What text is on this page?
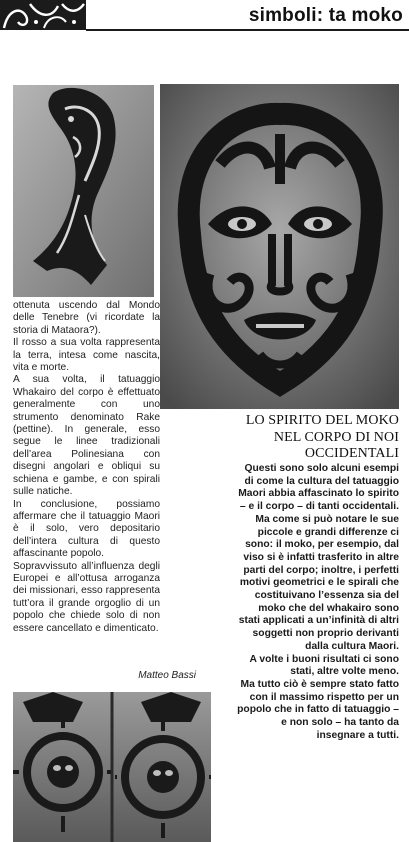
simboli: ta moko

ottenuta uscendo dal Mondo delle Tenebre (vi ricordate la storia di Mataora?).

Il rosso a sua volta rappresenta la terra, intesa come nascita, vita e morte.

A sua volta, il tatuaggio Whakairo del corpo è effettuato generalmente con uno strumento denominato Rake (pettine). In generale, esso segue le linee tradizionali dell’area Polinesiana con disegni angolari e obliqui su schiena e gambe, e con spirali sulle natiche.

In conclusione, possiamo affermare che il tatuaggio Maori è il solo, vero depositario dell’intera cultura di questo affascinante popolo.

Sopravvissuto all’influenza degli Europei e all’ottusa arroganza dei missionari, esso rappresenta tutt’ora il grande orgoglio di un popolo che chiede solo di non essere cancellato e dimenticato.

Matteo Bassi
LO SPIRITO DEL MOKO
NEL CORPO DI NOI
OCCIDENTALI

Questi sono solo alcuni esempi di come la cultura del tatuaggio Maori abbia affascinato lo spirito – e il corpo – di tanti occidentali. Ma come si può notare le sue piccole e grandi differenze ci sono: il moko, per esempio, dal viso si è infatti trasferito in altre parti del corpo; inoltre, i perfetti motivi geometrici e le spirali che costituivano l’essenza sia del moko che del whakairo sono stati applicati a un’infinità di altri soggetti non proprio derivanti dalla cultura Maori.

A volte i buoni risultati ci sono stati, altre volte meno.

Ma tutto ciò è sempre stato fatto con il massimo rispetto per un popolo che in fatto di tatuaggio – e non solo – ha tanto da insegnare a tutti.
